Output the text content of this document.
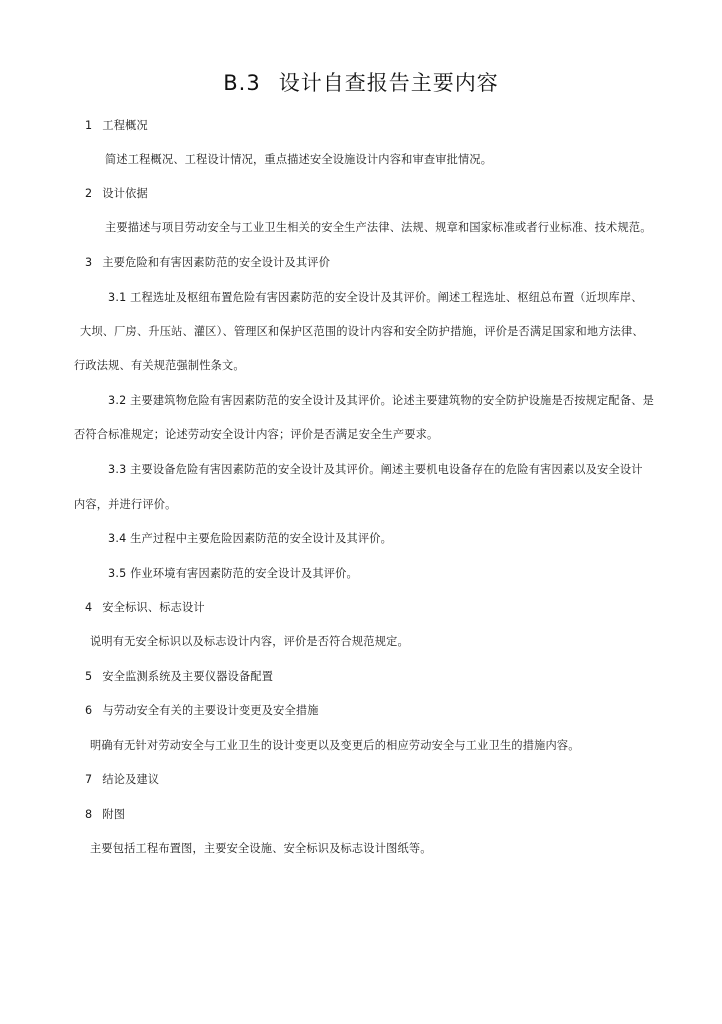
B.3 设计自查报告主要内容
1 工程概况
简述工程概况、工程设计情况，重点描述安全设施设计内容和审查审批情况。
2 设计依据
主要描述与项目劳动安全与工业卫生相关的安全生产法律、法规、规章和国家标准或者行业标准、技术规范。
3 主要危险和有害因素防范的安全设计及其评价
3.1 工程选址及枢纽布置危险有害因素防范的安全设计及其评价。阐述工程选址、枢纽总布置（近坝库岸、
大坝、厂房、升压站、灌区）、管理区和保护区范围的设计内容和安全防护措施，评价是否满足国家和地方法律、
行政法规、有关规范强制性条文。
3.2 主要建筑物危险有害因素防范的安全设计及其评价。论述主要建筑物的安全防护设施是否按规定配备、是
否符合标准规定；论述劳动安全设计内容；评价是否满足安全生产要求。
3.3 主要设备危险有害因素防范的安全设计及其评价。阐述主要机电设备存在的危险有害因素以及安全设计
内容，并进行评价。
3.4 生产过程中主要危险因素防范的安全设计及其评价。
3.5 作业环境有害因素防范的安全设计及其评价。
4 安全标识、标志设计
说明有无安全标识以及标志设计内容，评价是否符合规范规定。
5 安全监测系统及主要仪器设备配置
6 与劳动安全有关的主要设计变更及安全措施
明确有无针对劳动安全与工业卫生的设计变更以及变更后的相应劳动安全与工业卫生的措施内容。
7 结论及建议
8 附图
主要包括工程布置图，主要安全设施、安全标识及标志设计图纸等。
